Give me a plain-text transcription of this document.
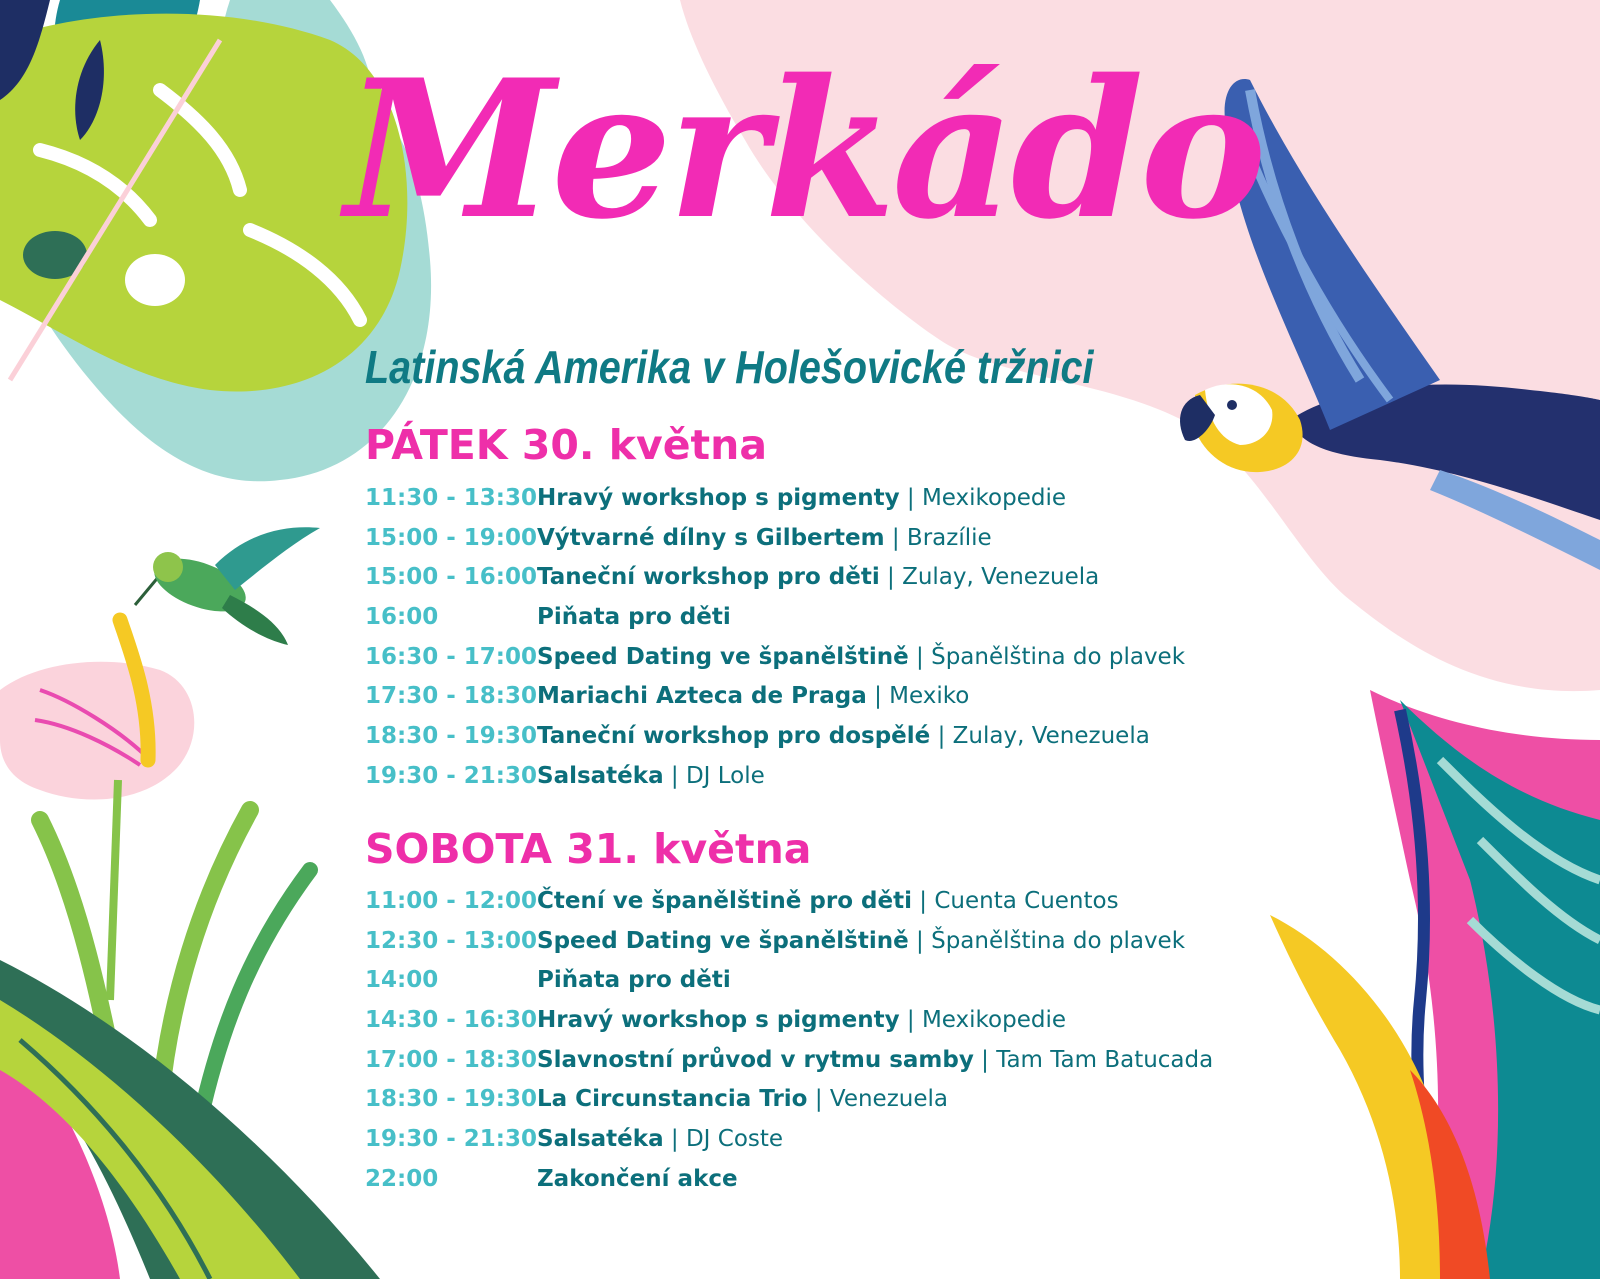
Merkádo
Latinská Amerika v Holešovické tržnici
PÁTEK 30. května
11:30 - 13:30 Hravý workshop s pigmenty
| Mexikopedie
15:00 - 19:00 Výtvarné dílny s Gilbertem
| Brazílie
15:00 - 16:00 Taneční workshop pro děti
| Zulay, Venezuela
16:00	Piňata pro děti

16:30 - 17:00 Speed Dating ve španělštině
| Španělština do plavek
17:30 - 18:30 Mariachi Azteca de Praga
| Mexiko
18:30 - 19:30 Taneční workshop pro dospělé
| Zulay, Venezuela
19:30 - 21:30 Salsatéka
| DJ Lole
SOBOTA 31. května
11:00 - 12:00 Čtení ve španělštině pro děti
| Cuenta Cuentos
12:30 - 13:00 Speed Dating ve španělštině
| Španělština do plavek
14:00	Piňata pro děti

14:30 - 16:30 Hravý workshop s pigmenty
| Mexikopedie
17:00 - 18:30 Slavnostní průvod v rytmu samby
| Tam Tam Batucada
18:30 - 19:30 La Circunstancia Trio
| Venezuela
19:30 - 21:30 Salsatéka
| DJ Coste
22:00	Zakončení akce
